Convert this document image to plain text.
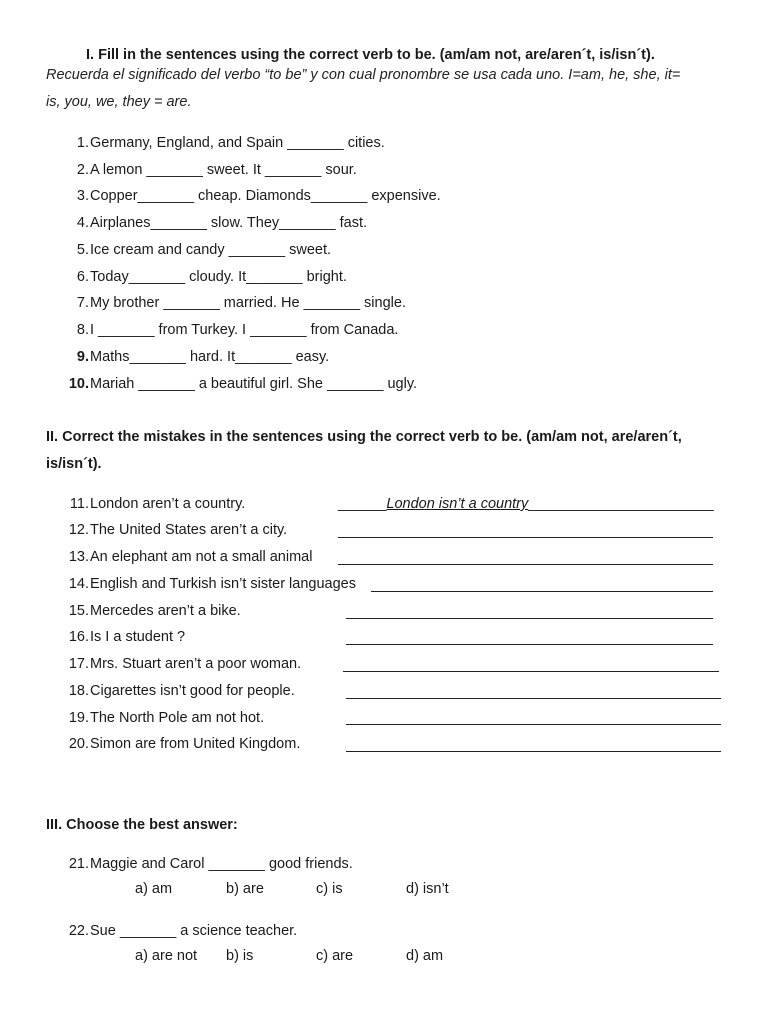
I. Fill in the sentences using the correct verb to be. (am/am not, are/aren´t, is/isn´t).
Recuerda el significado del verbo “to be” y con cual pronombre se usa cada uno. I=am, he, she, it=
is, you, we, they = are.
1. Germany, England, and Spain _______ cities.
2. A lemon _______ sweet. It _______ sour.
3. Copper_______ cheap. Diamonds_______ expensive.
4. Airplanes_______ slow. They_______ fast.
5. Ice cream and candy _______ sweet.
6. Today_______ cloudy. It_______ bright.
7. My brother _______ married. He _______ single.
8. I _______ from Turkey. I _______ from Canada.
9. Maths_______ hard. It_______ easy.
10. Mariah _______ a beautiful girl. She _______ ugly.
II. Correct the mistakes in the sentences using the correct verb to be. (am/am not, are/aren´t,
is/isn´t).
11. London aren’t a country.	______London isn’t a country_______________________
12. The United States aren’t a city.
13. An elephant am not a small animal
14. English and Turkish isn’t sister languages
15. Mercedes aren’t a bike.
16. Is I a student ?
17. Mrs. Stuart aren’t a poor woman.
18. Cigarettes isn’t good for people.
19. The North Pole am not hot.
20. Simon are from United Kingdom.
III. Choose the best answer:
21. Maggie and Carol _______ good friends.
a) am	b) are	c) is	d) isn’t
22. Sue _______ a science teacher.
a) are not b) is	c) are	d) am
